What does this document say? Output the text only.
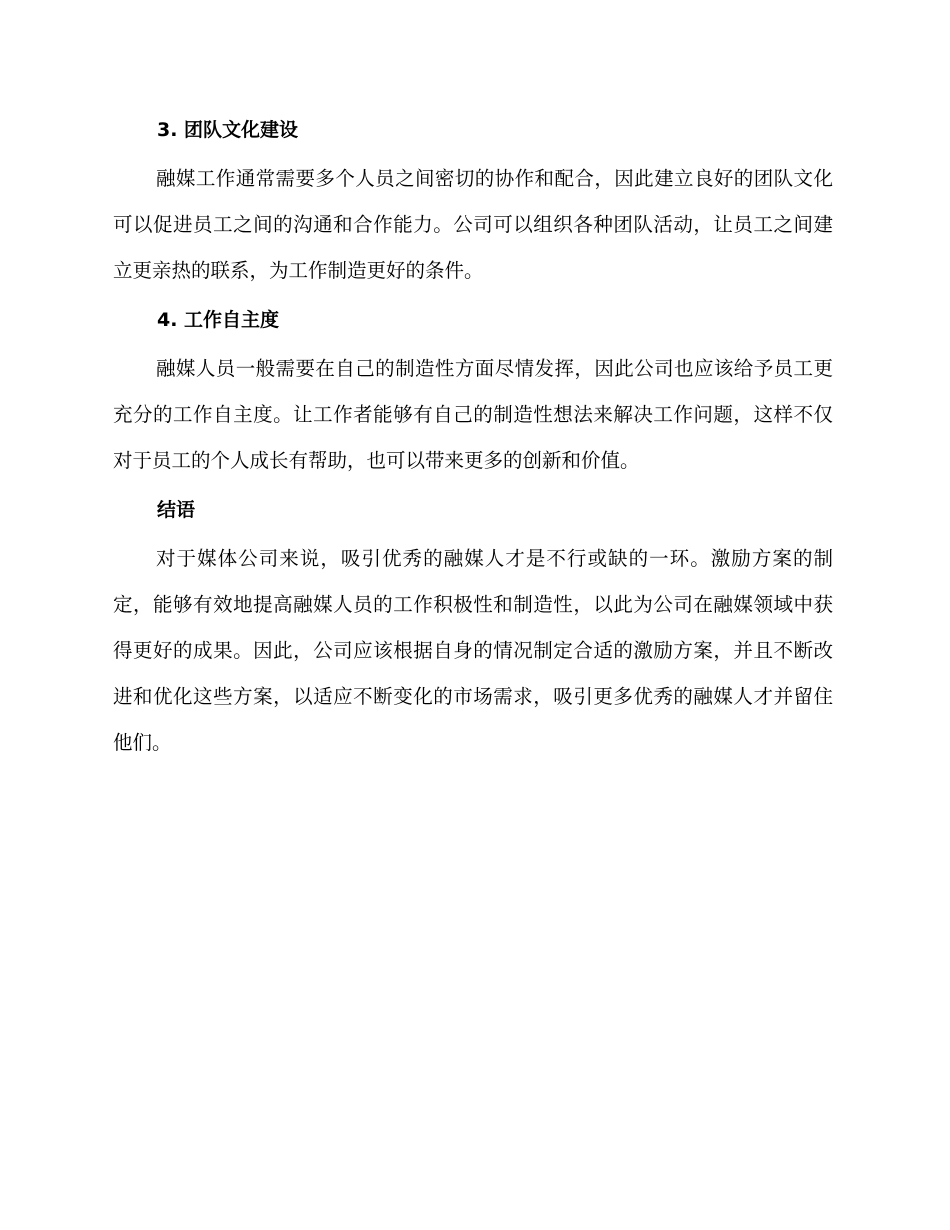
3. 团队文化建设

融媒工作通常需要多个人员之间密切的协作和配合，因此建立良好的团队文化可以促进员工之间的沟通和合作能力。公司可以组织各种团队活动，让员工之间建立更亲热的联系，为工作制造更好的条件。

4. 工作自主度

融媒人员一般需要在自己的制造性方面尽情发挥，因此公司也应该给予员工更充分的工作自主度。让工作者能够有自己的制造性想法来解决工作问题，这样不仅对于员工的个人成长有帮助，也可以带来更多的创新和价值。

结语

对于媒体公司来说，吸引优秀的融媒人才是不行或缺的一环。激励方案的制定，能够有效地提高融媒人员的工作积极性和制造性，以此为公司在融媒领域中获得更好的成果。因此，公司应该根据自身的情况制定合适的激励方案，并且不断改进和优化这些方案，以适应不断变化的市场需求，吸引更多优秀的融媒人才并留住他们。
